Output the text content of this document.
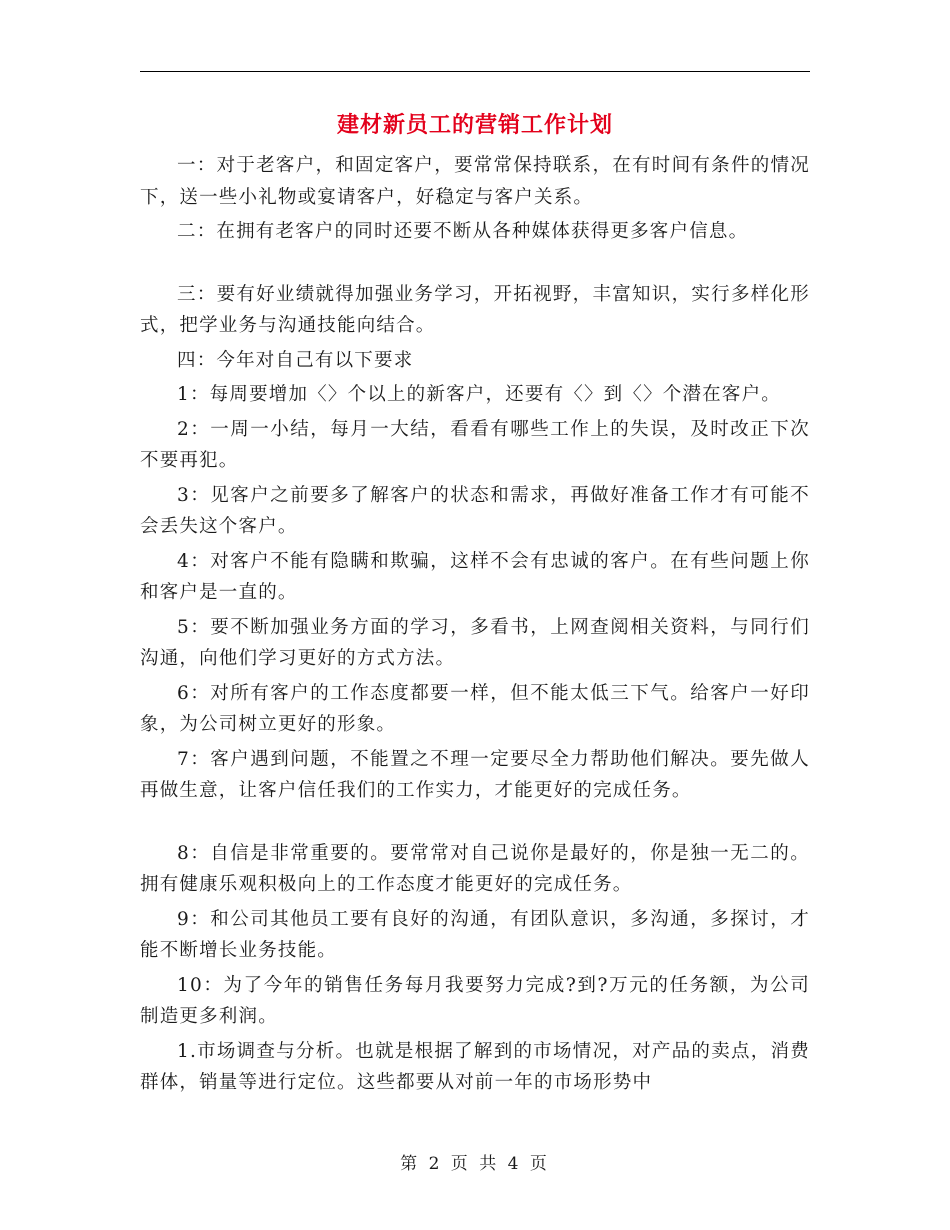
建材新员工的营销工作计划

一：对于老客户，和固定客户，要常常保持联系，在有时间有条件的情况下，送一些小礼物或宴请客户，好稳定与客户关系。

二：在拥有老客户的同时还要不断从各种媒体获得更多客户信息。

三：要有好业绩就得加强业务学习，开拓视野，丰富知识，实行多样化形式，把学业务与沟通技能向结合。

四：今年对自己有以下要求

1：每周要增加〈〉个以上的新客户，还要有〈〉到〈〉个潜在客户。

2：一周一小结，每月一大结，看看有哪些工作上的失误，及时改正下次不要再犯。

3：见客户之前要多了解客户的状态和需求，再做好准备工作才有可能不会丢失这个客户。

4：对客户不能有隐瞒和欺骗，这样不会有忠诚的客户。在有些问题上你和客户是一直的。

5：要不断加强业务方面的学习，多看书，上网查阅相关资料，与同行们沟通，向他们学习更好的方式方法。

6：对所有客户的工作态度都要一样，但不能太低三下气。给客户一好印象，为公司树立更好的形象。

7：客户遇到问题，不能置之不理一定要尽全力帮助他们解决。要先做人再做生意，让客户信任我们的工作实力，才能更好的完成任务。

8：自信是非常重要的。要常常对自己说你是最好的，你是独一无二的。拥有健康乐观积极向上的工作态度才能更好的完成任务。

9：和公司其他员工要有良好的沟通，有团队意识，多沟通，多探讨，才能不断增长业务技能。

10：为了今年的销售任务每月我要努力完成?到?万元的任务额，为公司制造更多利润。

1.市场调查与分析。也就是根据了解到的市场情况，对产品的卖点，消费群体，销量等进行定位。这些都要从对前一年的市场形势中

第 2 页 共 4 页
